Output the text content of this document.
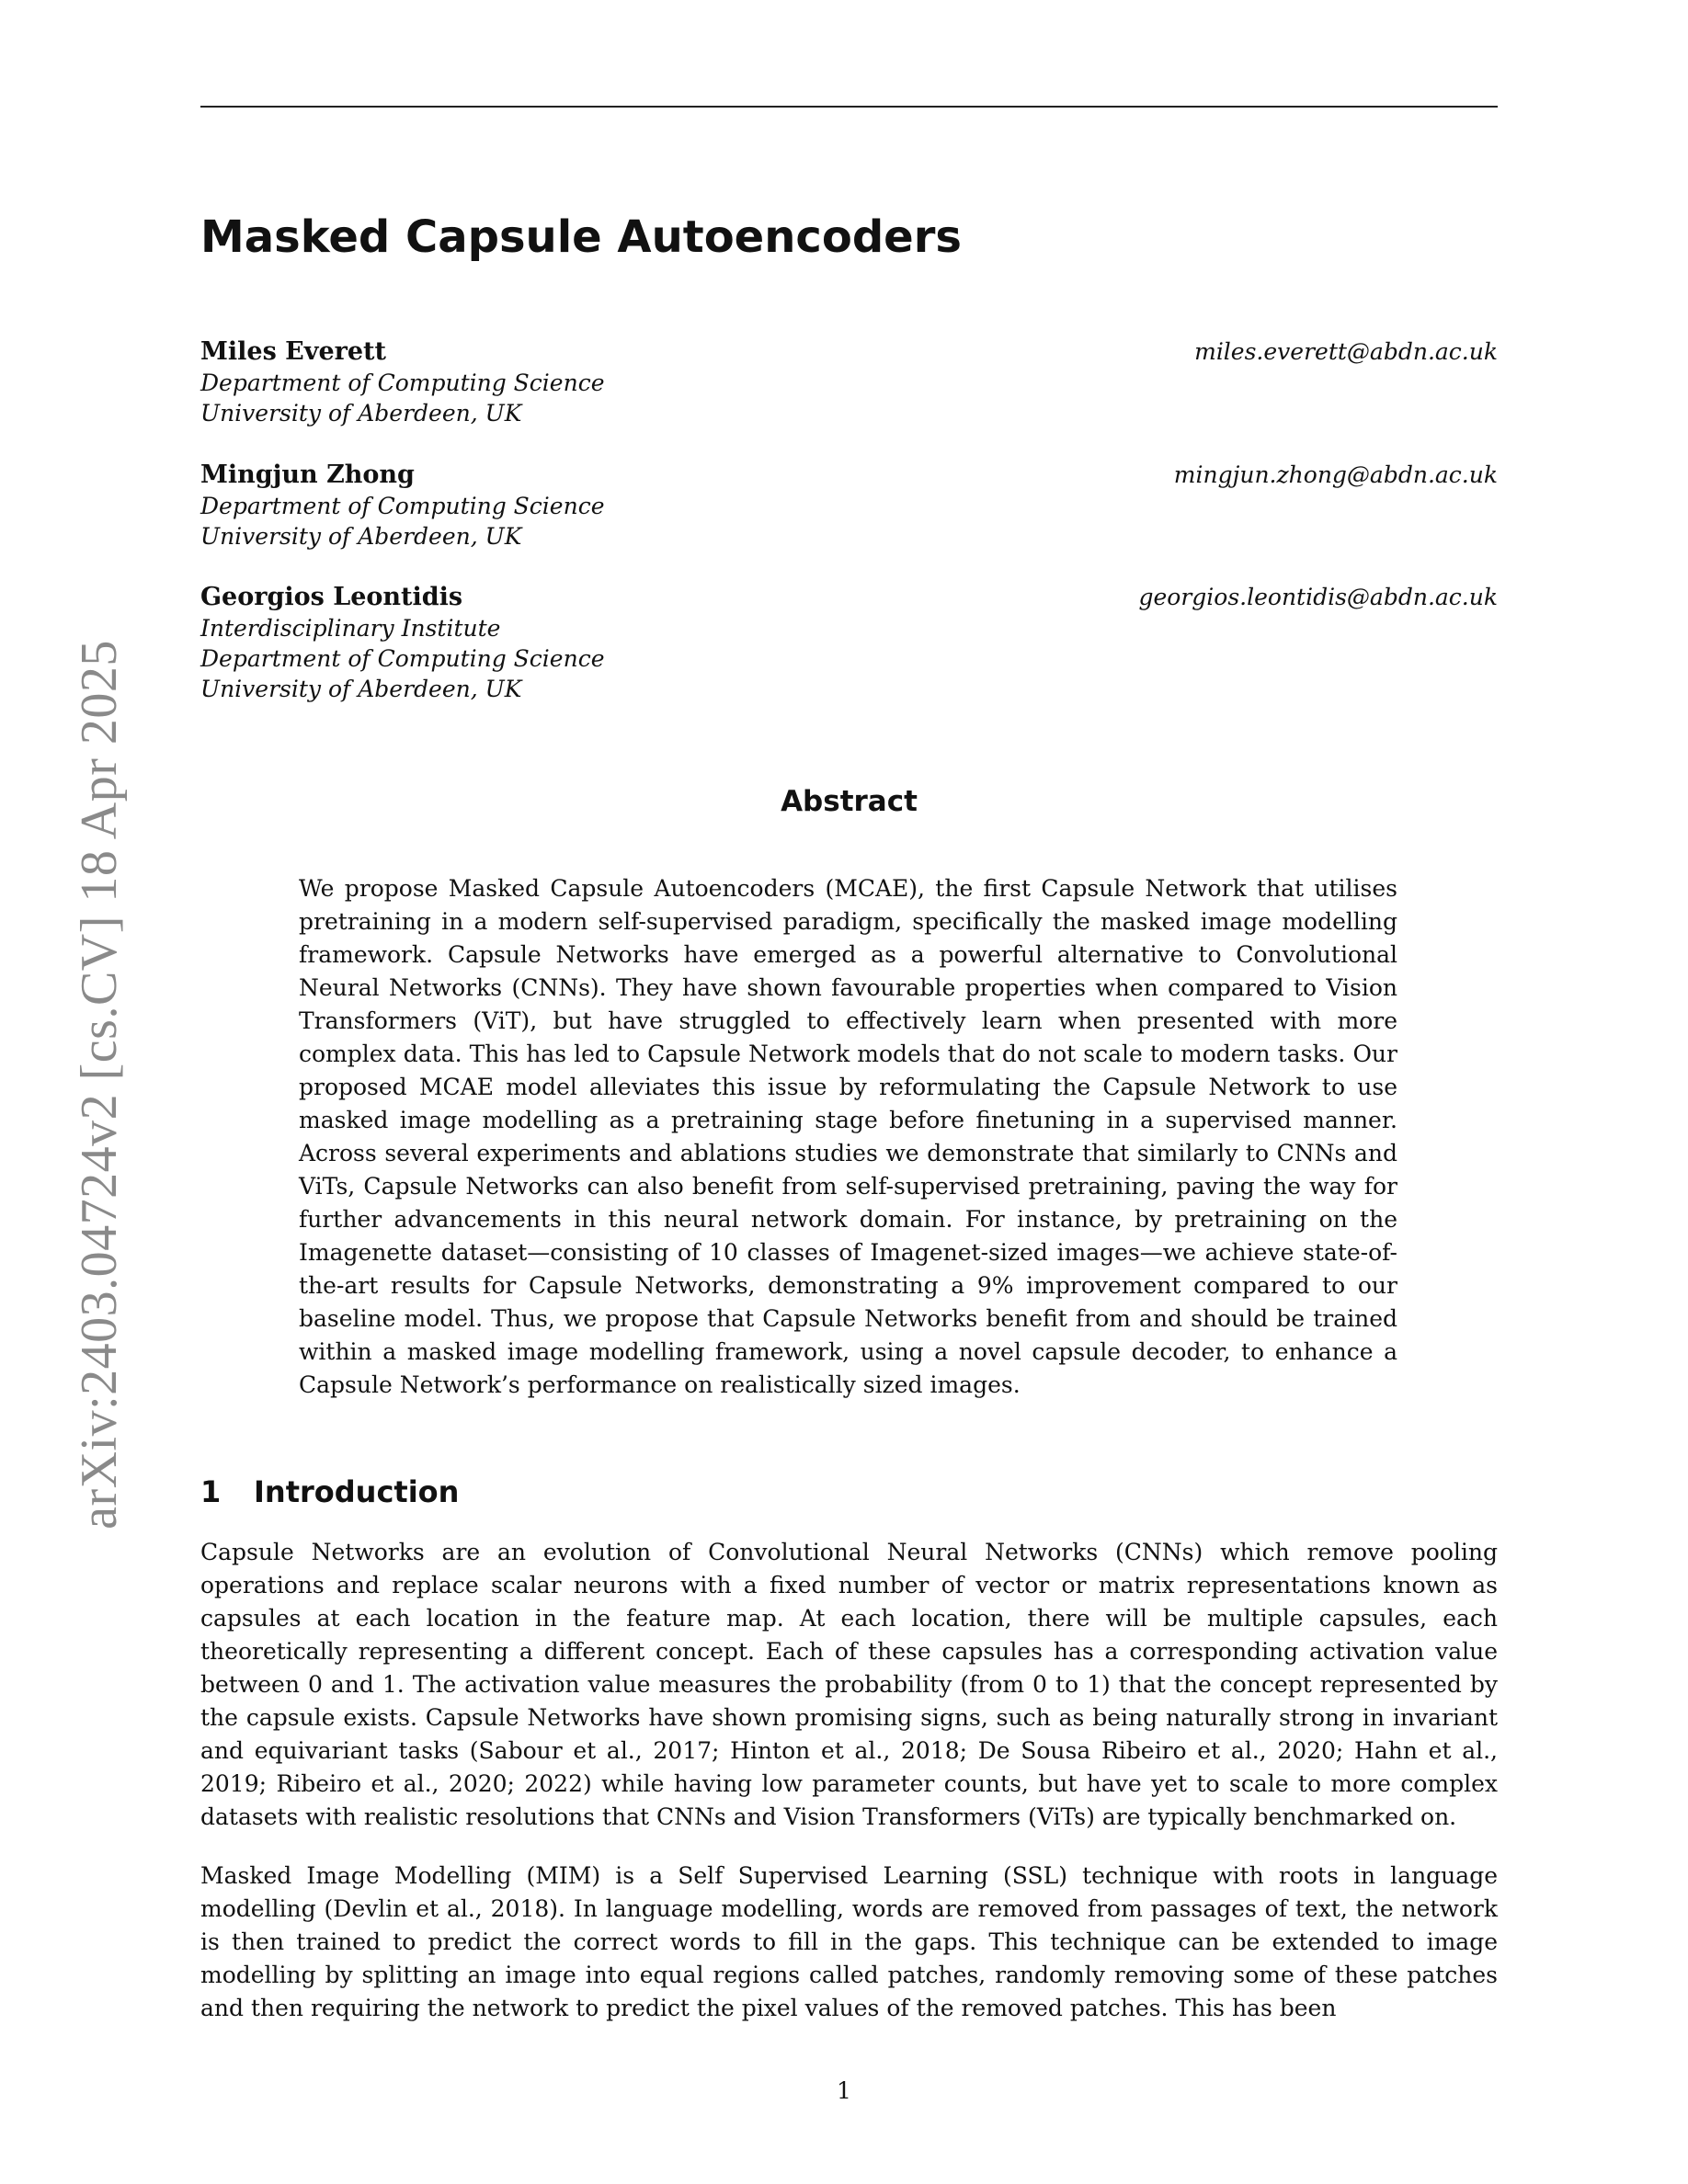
arXiv:2403.04724v2 [cs.CV] 18 Apr 2025
Masked Capsule Autoencoders
Miles Everett	miles.everett@abdn.ac.uk
Department of Computing Science
University of Aberdeen, UK
Mingjun Zhong	mingjun.zhong@abdn.ac.uk
Department of Computing Science
University of Aberdeen, UK
Georgios Leontidis	georgios.leontidis@abdn.ac.uk
Interdisciplinary Institute
Department of Computing Science
University of Aberdeen, UK
Abstract

We propose Masked Capsule Autoencoders (MCAE), the first Capsule Network that utilises pretraining in a modern self-supervised paradigm, specifically the masked image modelling framework. Capsule Networks have emerged as a powerful alternative to Convolutional Neural Networks (CNNs). They have shown favourable properties when compared to Vision Transformers (ViT), but have struggled to effectively learn when presented with more complex data. This has led to Capsule Network models that do not scale to modern tasks. Our proposed MCAE model alleviates this issue by reformulating the Capsule Network to use masked image modelling as a pretraining stage before finetuning in a supervised manner. Across several experiments and ablations studies we demonstrate that similarly to CNNs and ViTs, Capsule Networks can also benefit from self-supervised pretraining, paving the way for further advancements in this neural network domain. For instance, by pretraining on the Imagenette dataset—consisting of 10 classes of Imagenet-sized images—we achieve state-of-the-art results for Capsule Networks, demonstrating a 9% improvement compared to our baseline model. Thus, we propose that Capsule Networks benefit from and should be trained within a masked image modelling framework, using a novel capsule decoder, to enhance a Capsule Network’s performance on realistically sized images.

1 Introduction

Capsule Networks are an evolution of Convolutional Neural Networks (CNNs) which remove pooling operations and replace scalar neurons with a fixed number of vector or matrix representations known as capsules at each location in the feature map. At each location, there will be multiple capsules, each theoretically representing a different concept. Each of these capsules has a corresponding activation value between 0 and 1. The activation value measures the probability (from 0 to 1) that the concept represented by the capsule exists. Capsule Networks have shown promising signs, such as being naturally strong in invariant and equivariant tasks (Sabour et al., 2017; Hinton et al., 2018; De Sousa Ribeiro et al., 2020; Hahn et al., 2019; Ribeiro et al., 2020; 2022) while having low parameter counts, but have yet to scale to more complex datasets with realistic resolutions that CNNs and Vision Transformers (ViTs) are typically benchmarked on.

Masked Image Modelling (MIM) is a Self Supervised Learning (SSL) technique with roots in language modelling (Devlin et al., 2018). In language modelling, words are removed from passages of text, the network is then trained to predict the correct words to fill in the gaps. This technique can be extended to image modelling by splitting an image into equal regions called patches, randomly removing some of these patches and then requiring the network to predict the pixel values of the removed patches. This has been

1
